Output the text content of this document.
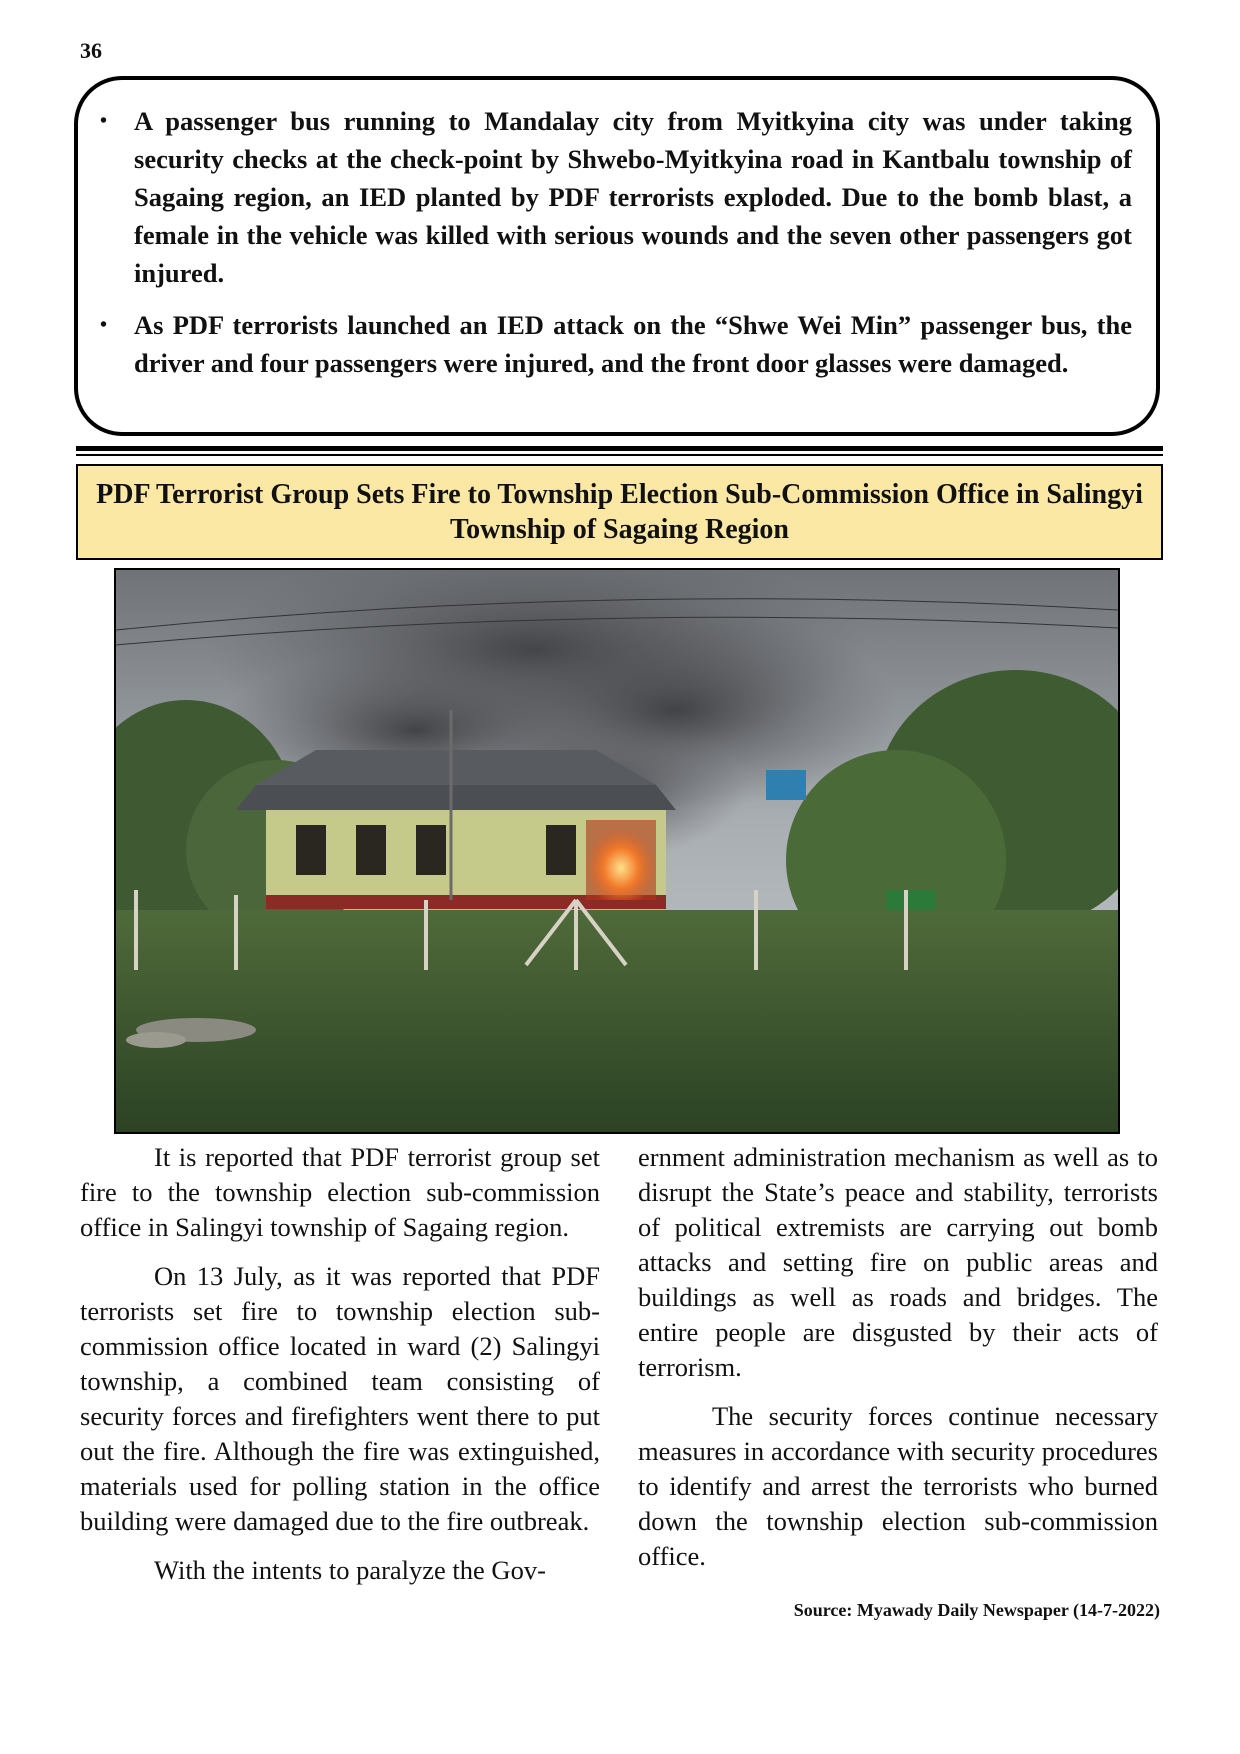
36
• A passenger bus running to Mandalay city from Myitkyina city was under taking security checks at the check-point by Shwebo-Myitkyina road in Kantbalu township of Sagaing region, an IED planted by PDF terrorists exploded. Due to the bomb blast, a female in the vehicle was killed with serious wounds and the seven other passengers got injured.
• As PDF terrorists launched an IED attack on the “Shwe Wei Min” passenger bus, the driver and four passengers were injured, and the front door glasses were damaged.
PDF Terrorist Group Sets Fire to Township Election Sub-Commission Office in Salingyi Township of Sagaing Region

It is reported that PDF terrorist group set fire to the township election sub-commission office in Salingyi township of Sagaing region.

On 13 July, as it was reported that PDF terrorists set fire to township election sub-commission office located in ward (2) Salingyi township, a combined team consisting of security forces and firefighters went there to put out the fire. Although the fire was extinguished, materials used for polling station in the office building were damaged due to the fire outbreak.

With the intents to paralyze the Gov-

ernment administration mechanism as well as to disrupt the State’s peace and stability, terrorists of political extremists are carrying out bomb attacks and setting fire on public areas and buildings as well as roads and bridges. The entire people are disgusted by their acts of terrorism.

The security forces continue necessary measures in accordance with security procedures to identify and arrest the terrorists who burned down the township election sub-commission office.

Source: Myawady Daily Newspaper (14-7-2022)
